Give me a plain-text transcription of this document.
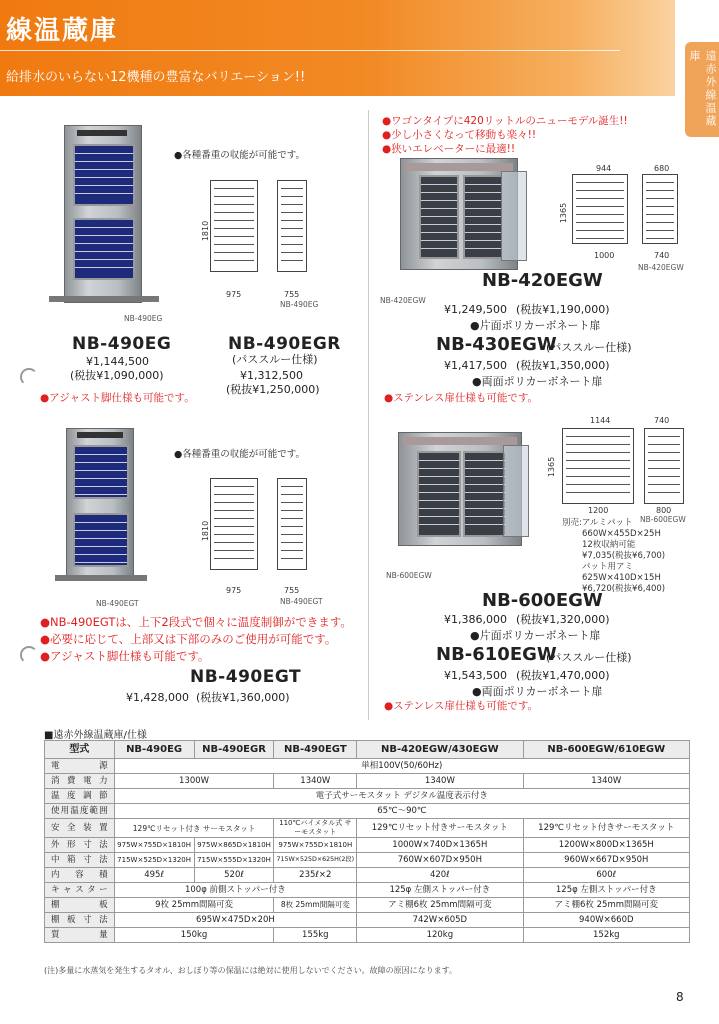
線温蔵庫
給排水のいらない12機種の豊富なバリエーション!!	遠赤外線温蔵庫
NB-490EG
●各種番重の収能が可能です。
1810
975	755
NB-490EG
NB-490EG
¥1,144,500
(税抜¥1,090,000)
NB-490EGR
(パススルー仕様)
¥1,312,500
(税抜¥1,250,000)
●アジャスト脚仕様も可能です。
●ワゴンタイプに420リットルのニューモデル誕生!!
●少し小さくなって移動も楽々!!
●狭いエレベーターに最適!!
NB-420EGW
944	680
1365
1000	740
NB-420EGW
NB-420EGW
¥1,249,500 (税抜¥1,190,000)
●片面ポリカーボネート扉
NB-430EGW
(パススルー仕様)
¥1,417,500 (税抜¥1,350,000)
●両面ポリカーボネート扉
●ステンレス扉仕様も可能です。
NB-490EGT
●各種番重の収能が可能です。
1810
975	755
NB-490EGT
●NB-490EGTは、上下2段式で個々に温度制御ができます。
●必要に応じて、上部又は下部のみのご使用が可能です。
●アジャスト脚仕様も可能です。
NB-490EGT
¥1,428,000 (税抜¥1,360,000)
NB-600EGW
1144	740
1365
1200	800
NB-600EGW
別売:アルミパット
660W×455D×25H
12枚収納可能
¥7,035(税抜¥6,700)
パット用アミ
625W×410D×15H
¥6,720(税抜¥6,400)
NB-600EGW
¥1,386,000 (税抜¥1,320,000)
●片面ポリカーボネート扉
NB-610EGW
(パススルー仕様)
¥1,543,500 (税抜¥1,470,000)
●両面ポリカーボネート扉
●ステンレス扉仕様も可能です。
■遠赤外線温蔵庫/仕様
型式	NB-490EG	NB-490EGR	NB-490EGT	NB-420EGW/430EGW	NB-600EGW/610EGW
電源	単相100V(50/60Hz)				
消費電力	1300W		1340W	1340W	1340W
温度調節	電子式サーモスタット デジタル温度表示付き				
使用温度範囲	65℃〜90℃				
安全装置	129℃リセット付き サーモスタット		110℃バイメタル式 サーモスタット	129℃リセット付きサーモスタット	129℃リセット付きサーモスタット
外形寸法	975W×755D×1810H	975W×865D×1810H	975W×755D×1810H	1000W×740D×1365H	1200W×800D×1365H
中箱寸法	715W×525D×1320H	715W×555D×1320H	715W×525D×625H(2段)	760W×607D×950H	960W×667D×950H
内容積	495ℓ	520ℓ	235ℓ×2	420ℓ	600ℓ
キャスター	100φ 前側ストッパー付き			125φ 左側ストッパー付き	125φ 左側ストッパー付き
棚板	9枚 25mm間隔可変		8枚 25mm間隔可変	アミ棚6枚 25mm間隔可変	アミ棚6枚 25mm間隔可変
棚板寸法	695W×475D×20H			742W×605D	940W×660D
質量	150kg		155kg	120kg	152kg
(注)多量に水蒸気を発生するタオル、おしぼり等の保温には絶対に使用しないでください。故障の原因になります。
8
